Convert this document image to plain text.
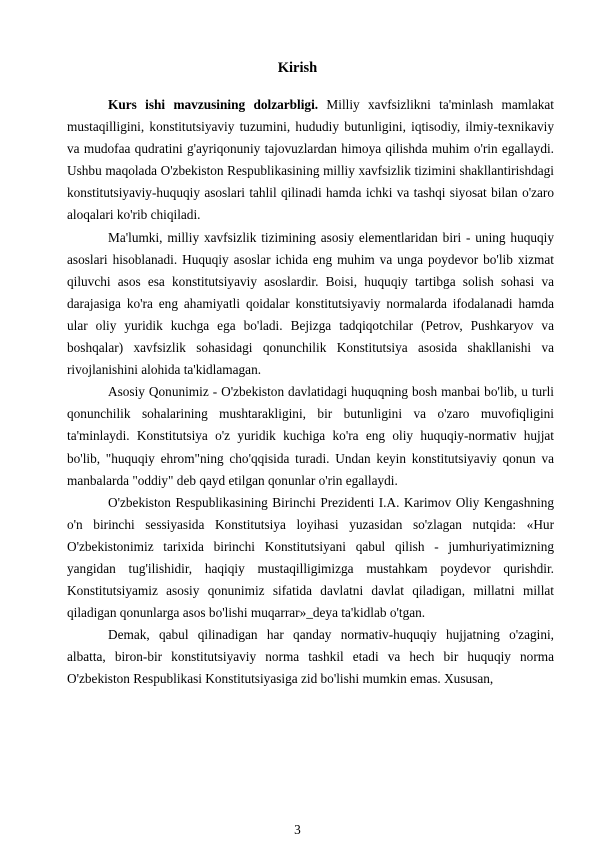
Kirish

Kurs ishi mavzusining dolzarbligi. Milliy xavfsizlikni ta'minlash mamlakat mustaqilligini, konstitutsiyaviy tuzumini, hududiy butunligini, iqtisodiy, ilmiy-texnikaviy va mudofaa qudratini g'ayriqonuniy tajovuzlardan himoya qilishda muhim o'rin egallaydi. Ushbu maqolada O'zbekiston Respublikasining milliy xavfsizlik tizimini shakllantirishdagi konstitutsiyaviy-huquqiy asoslari tahlil qilinadi hamda ichki va tashqi siyosat bilan o'zaro aloqalari ko'rib chiqiladi.

Ma'lumki, milliy xavfsizlik tizimining asosiy elementlaridan biri - uning huquqiy asoslari hisoblanadi. Huquqiy asoslar ichida eng muhim va unga poydevor bo'lib xizmat qiluvchi asos esa konstitutsiyaviy asoslardir. Boisi, huquqiy tartibga solish sohasi va darajasiga ko'ra eng ahamiyatli qoidalar konstitutsiyaviy normalarda ifodalanadi hamda ular oliy yuridik kuchga ega bo'ladi. Bejizga tadqiqotchilar (Petrov, Pushkaryov va boshqalar) xavfsizlik sohasidagi qonunchilik Konstitutsiya asosida shakllanishi va rivojlanishini alohida ta'kidlamagan.

Asosiy Qonunimiz - O'zbekiston davlatidagi huquqning bosh manbai bo'lib, u turli qonunchilik sohalarining mushtarakligini, bir butunligini va o'zaro muvofiqligini ta'minlaydi. Konstitutsiya o'z yuridik kuchiga ko'ra eng oliy huquqiy-normativ hujjat bo'lib, "huquqiy ehrom"ning cho'qqisida turadi. Undan keyin konstitutsiyaviy qonun va manbalarda "oddiy" deb qayd etilgan qonunlar o'rin egallaydi.

O'zbekiston Respublikasining Birinchi Prezidenti I.A. Karimov Oliy Kengashning o'n birinchi sessiyasida Konstitutsiya loyihasi yuzasidan so'zlagan nutqida: «Hur O'zbekistonimiz tarixida birinchi Konstitutsiyani qabul qilish - jumhuriyatimizning yangidan tug'ilishidir, haqiqiy mustaqilligimizga mustahkam poydevor qurishdir. Konstitutsiyamiz asosiy qonunimiz sifatida davlatni davlat qiladigan, millatni millat qiladigan qonunlarga asos bo'lishi muqarrar»_deya ta'kidlab o'tgan.

Demak, qabul qilinadigan har qanday normativ-huquqiy hujjatning o'zagini, albatta, biron-bir konstitutsiyaviy norma tashkil etadi va hech bir huquqiy norma O'zbekiston Respublikasi Konstitutsiyasiga zid bo'lishi mumkin emas. Xususan,

3
